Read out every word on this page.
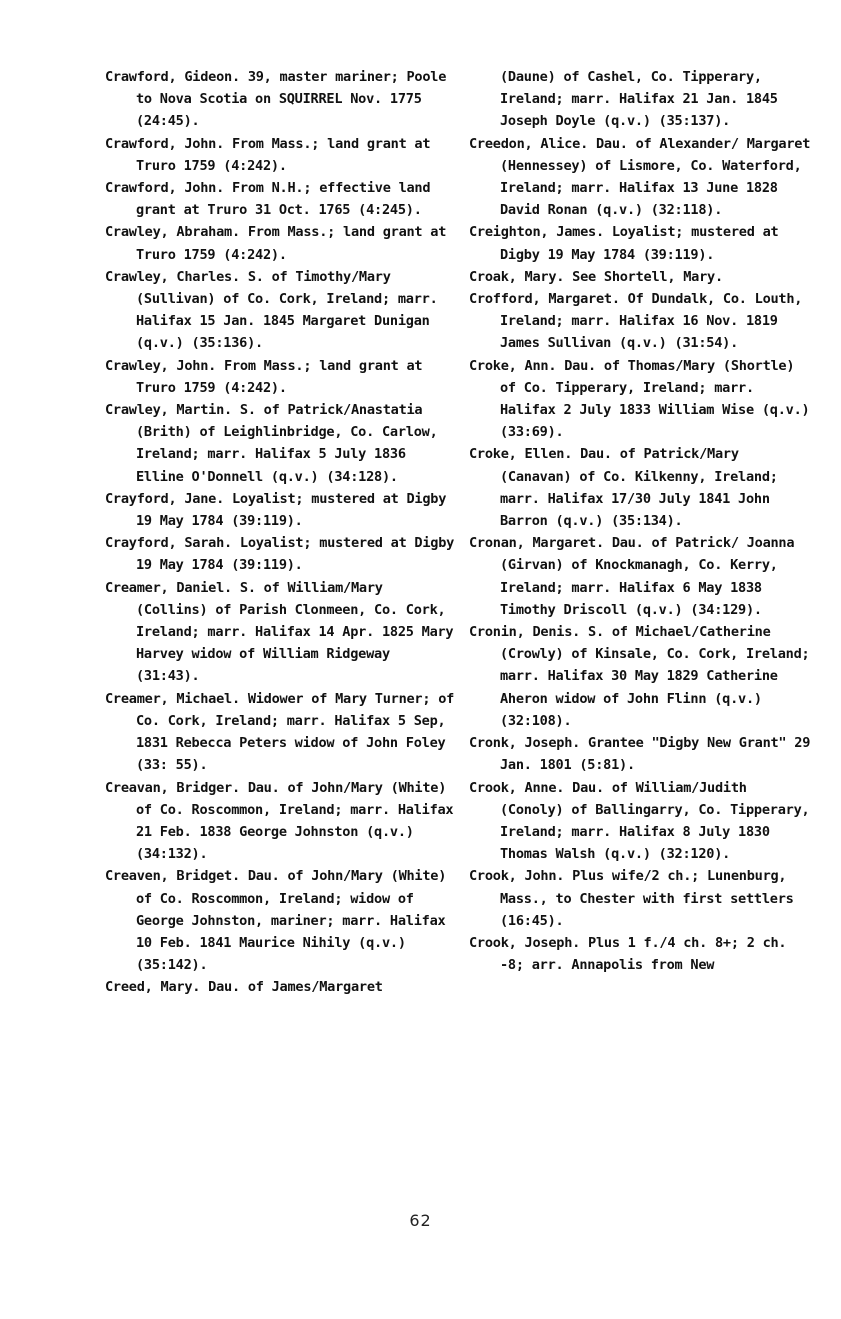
Crawford, Gideon. 39, master mariner; Poole to Nova Scotia on SQUIRREL Nov. 1775 (24:45).

Crawford, John. From Mass.; land grant at Truro 1759 (4:242).

Crawford, John. From N.H.; effective land grant at Truro 31 Oct. 1765 (4:245).

Crawley, Abraham. From Mass.; land grant at Truro 1759 (4:242).

Crawley, Charles. S. of Timothy/Mary (Sullivan) of Co. Cork, Ireland; marr. Halifax 15 Jan. 1845 Margaret Dunigan (q.v.) (35:136).

Crawley, John. From Mass.; land grant at Truro 1759 (4:242).

Crawley, Martin. S. of Patrick/Anastatia (Brith) of Leighlinbridge, Co. Carlow, Ireland; marr. Halifax 5 July 1836 Elline O'Donnell (q.v.) (34:128).

Crayford, Jane. Loyalist; mustered at Digby 19 May 1784 (39:119).

Crayford, Sarah. Loyalist; mustered at Digby 19 May 1784 (39:119).

Creamer, Daniel. S. of William/Mary (Collins) of Parish Clonmeen, Co. Cork, Ireland; marr. Halifax 14 Apr. 1825 Mary Harvey widow of William Ridgeway (31:43).

Creamer, Michael. Widower of Mary Turner; of Co. Cork, Ireland; marr. Halifax 5 Sep, 1831 Rebecca Peters widow of John Foley (33: 55).

Creavan, Bridger. Dau. of John/Mary (White) of Co. Roscommon, Ireland; marr. Halifax 21 Feb. 1838 George Johnston (q.v.) (34:132).

Creaven, Bridget. Dau. of John/Mary (White) of Co. Roscommon, Ireland; widow of George Johnston, mariner; marr. Halifax 10 Feb. 1841 Maurice Nihily (q.v.) (35:142).

Creed, Mary. Dau. of James/Margaret

(Daune) of Cashel, Co. Tipperary, Ireland; marr. Halifax 21 Jan. 1845 Joseph Doyle (q.v.) (35:137).

Creedon, Alice. Dau. of Alexander/ Margaret (Hennessey) of Lismore, Co. Waterford, Ireland; marr. Halifax 13 June 1828 David Ronan (q.v.) (32:118).

Creighton, James. Loyalist; mustered at Digby 19 May 1784 (39:119).

Croak, Mary. See Shortell, Mary.

Crofford, Margaret. Of Dundalk, Co. Louth, Ireland; marr. Halifax 16 Nov. 1819 James Sullivan (q.v.) (31:54).

Croke, Ann. Dau. of Thomas/Mary (Shortle) of Co. Tipperary, Ireland; marr. Halifax 2 July 1833 William Wise (q.v.) (33:69).

Croke, Ellen. Dau. of Patrick/Mary (Canavan) of Co. Kilkenny, Ireland; marr. Halifax 17/30 July 1841 John Barron (q.v.) (35:134).

Cronan, Margaret. Dau. of Patrick/ Joanna (Girvan) of Knockmanagh, Co. Kerry, Ireland; marr. Halifax 6 May 1838 Timothy Driscoll (q.v.) (34:129).

Cronin, Denis. S. of Michael/Catherine (Crowly) of Kinsale, Co. Cork, Ireland; marr. Halifax 30 May 1829 Catherine Aheron widow of John Flinn (q.v.) (32:108).

Cronk, Joseph. Grantee "Digby New Grant" 29 Jan. 1801 (5:81).

Crook, Anne. Dau. of William/Judith (Conoly) of Ballingarry, Co. Tipperary, Ireland; marr. Halifax 8 July 1830 Thomas Walsh (q.v.) (32:120).

Crook, John. Plus wife/2 ch.; Lunenburg, Mass., to Chester with first settlers (16:45).

Crook, Joseph. Plus 1 f./4 ch. 8+; 2 ch. -8; arr. Annapolis from New

62
